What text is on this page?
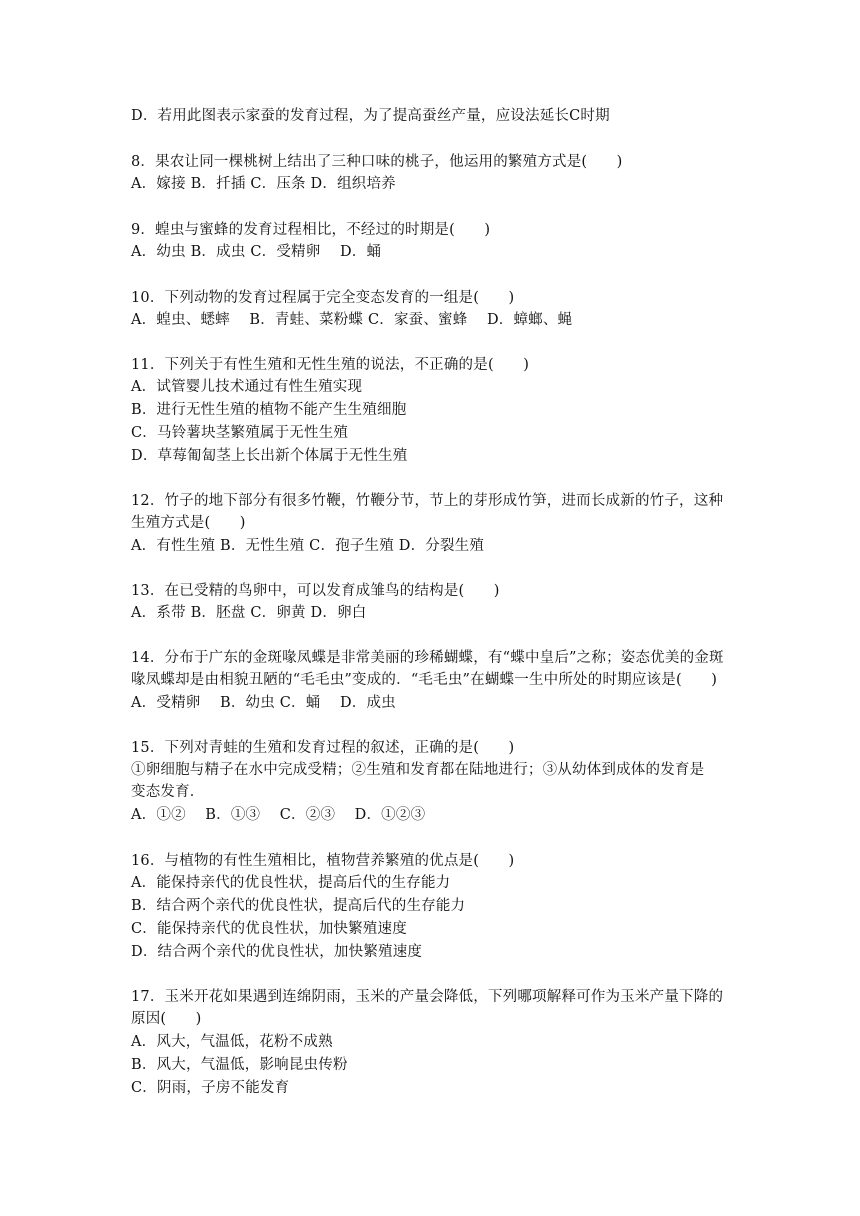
D．若用此图表示家蚕的发育过程，为了提高蚕丝产量，应设法延长C时期
8．果农让同一棵桃树上结出了三种口味的桃子，他运用的繁殖方式是(　　)
A．嫁接 B．扦插 C．压条 D．组织培养
9．蝗虫与蜜蜂的发育过程相比，不经过的时期是(　　)
A．幼虫 B．成虫 C．受精卵　 D．蛹
10．下列动物的发育过程属于完全变态发育的一组是(　　)
A．蝗虫、蟋蟀　 B．青蛙、菜粉蝶 C．家蚕、蜜蜂　 D．蟑螂、蝇
11．下列关于有性生殖和无性生殖的说法，不正确的是(　　)
A．试管婴儿技术通过有性生殖实现
B．进行无性生殖的植物不能产生生殖细胞
C．马铃薯块茎繁殖属于无性生殖
D．草莓匍匐茎上长出新个体属于无性生殖
12．竹子的地下部分有很多竹鞭，竹鞭分节，节上的芽形成竹笋，进而长成新的竹子，这种
生殖方式是(　　)
A．有性生殖 B．无性生殖 C．孢子生殖 D．分裂生殖
13．在已受精的鸟卵中，可以发育成雏鸟的结构是(　　)
A．系带 B．胚盘 C．卵黄 D．卵白
14．分布于广东的金斑喙凤蝶是非常美丽的珍稀蝴蝶，有“蝶中皇后”之称；姿态优美的金斑
喙凤蝶却是由相貌丑陋的“毛毛虫”变成的．“毛毛虫”在蝴蝶一生中所处的时期应该是(　　)
A．受精卵　 B．幼虫 C．蛹　 D．成虫
15．下列对青蛙的生殖和发育过程的叙述，正确的是(　　)
①卵细胞与精子在水中完成受精；②生殖和发育都在陆地进行；③从幼体到成体的发育是
变态发育．
A．①②　 B．①③　 C．②③　 D．①②③
16．与植物的有性生殖相比，植物营养繁殖的优点是(　　)
A．能保持亲代的优良性状，提高后代的生存能力
B．结合两个亲代的优良性状，提高后代的生存能力
C．能保持亲代的优良性状，加快繁殖速度
D．结合两个亲代的优良性状，加快繁殖速度
17．玉米开花如果遇到连绵阴雨，玉米的产量会降低，下列哪项解释可作为玉米产量下降的
原因(　　)
A．风大，气温低，花粉不成熟
B．风大，气温低，影响昆虫传粉
C．阴雨，子房不能发育
